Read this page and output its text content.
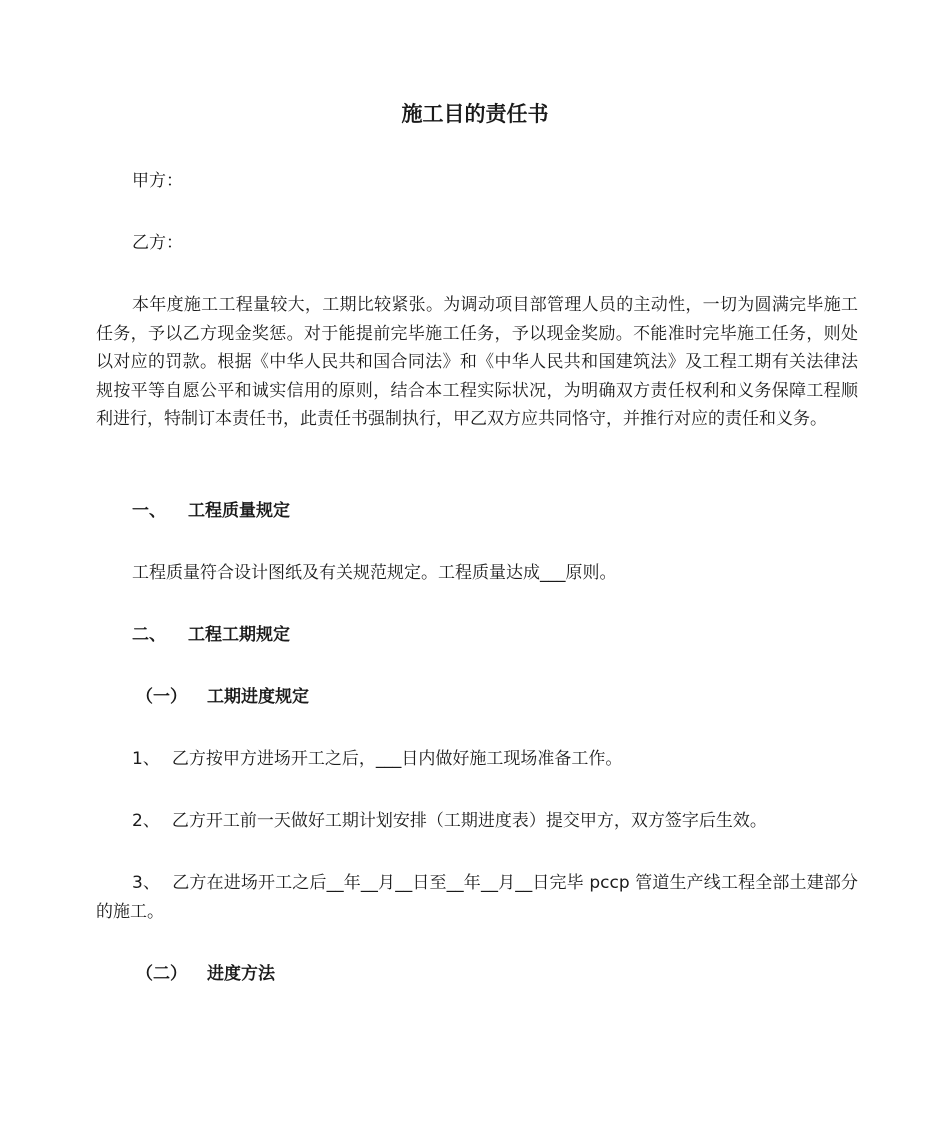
施工目的责任书

甲方：

乙方：

本年度施工工程量较大，工期比较紧张。为调动项目部管理人员的主动性，一切为圆满完毕施工任务，予以乙方现金奖惩。对于能提前完毕施工任务，予以现金奖励。不能准时完毕施工任务，则处以对应的罚款。根据《中华人民共和国合同法》和《中华人民共和国建筑法》及工程工期有关法律法规按平等自愿公平和诚实信用的原则，结合本工程实际状况，为明确双方责任权利和义务保障工程顺利进行，特制订本责任书，此责任书强制执行，甲乙双方应共同恪守，并推行对应的责任和义务。

一、 工程质量规定

工程质量符合设计图纸及有关规范规定。工程质量达成___原则。

二、 工程工期规定

（一） 工期进度规定

1、 乙方按甲方进场开工之后，___日内做好施工现场准备工作。

2、 乙方开工前一天做好工期计划安排（工期进度表）提交甲方，双方签字后生效。

3、 乙方在进场开工之后__年__月__日至__年__月__日完毕 pccp 管道生产线工程全部土建部分的施工。

（二） 进度方法
